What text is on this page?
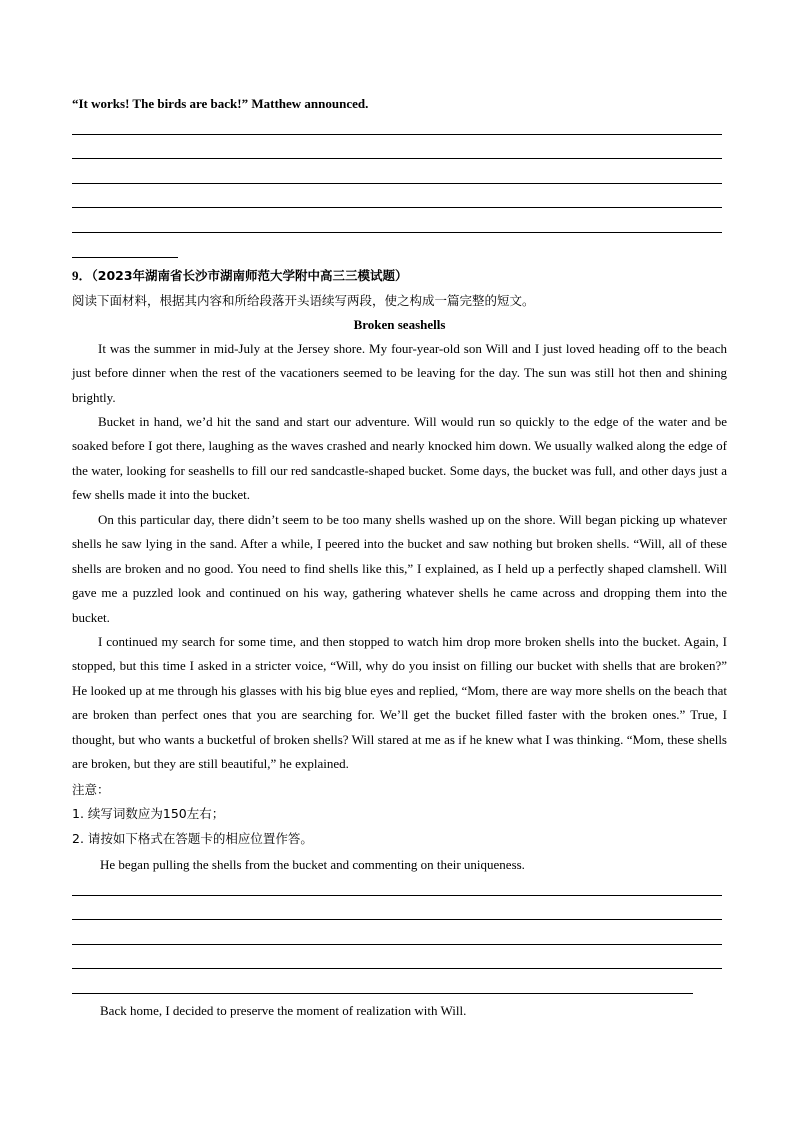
“It works! The birds are back!” Matthew announced.
9．（2023年湖南省长沙市湖南师范大学附中高三三模试题）
阅读下面材料，根据其内容和所给段落开头语续写两段，使之构成一篇完整的短文。
Broken seashells
It was the summer in mid-July at the Jersey shore. My four-year-old son Will and I just loved heading off to the beach just before dinner when the rest of the vacationers seemed to be leaving for the day. The sun was still hot then and shining brightly.
Bucket in hand, we’d hit the sand and start our adventure. Will would run so quickly to the edge of the water and be soaked before I got there, laughing as the waves crashed and nearly knocked him down. We usually walked along the edge of the water, looking for seashells to fill our red sandcastle-shaped bucket. Some days, the bucket was full, and other days just a few shells made it into the bucket.
On this particular day, there didn’t seem to be too many shells washed up on the shore. Will began picking up whatever shells he saw lying in the sand. After a while, I peered into the bucket and saw nothing but broken shells. “Will, all of these shells are broken and no good. You need to find shells like this,” I explained, as I held up a perfectly shaped clamshell. Will gave me a puzzled look and continued on his way, gathering whatever shells he came across and dropping them into the bucket.
I continued my search for some time, and then stopped to watch him drop more broken shells into the bucket. Again, I stopped, but this time I asked in a stricter voice, “Will, why do you insist on filling our bucket with shells that are broken?” He looked up at me through his glasses with his big blue eyes and replied, “Mom, there are way more shells on the beach that are broken than perfect ones that you are searching for. We’ll get the bucket filled faster with the broken ones.” True, I thought, but who wants a bucketful of broken shells? Will stared at me as if he knew what I was thinking. “Mom, these shells are broken, but they are still beautiful,” he explained.
注意：
1. 续写词数应为150左右；
2. 请按如下格式在答题卡的相应位置作答。
He began pulling the shells from the bucket and commenting on their uniqueness.
Back home, I decided to preserve the moment of realization with Will.
